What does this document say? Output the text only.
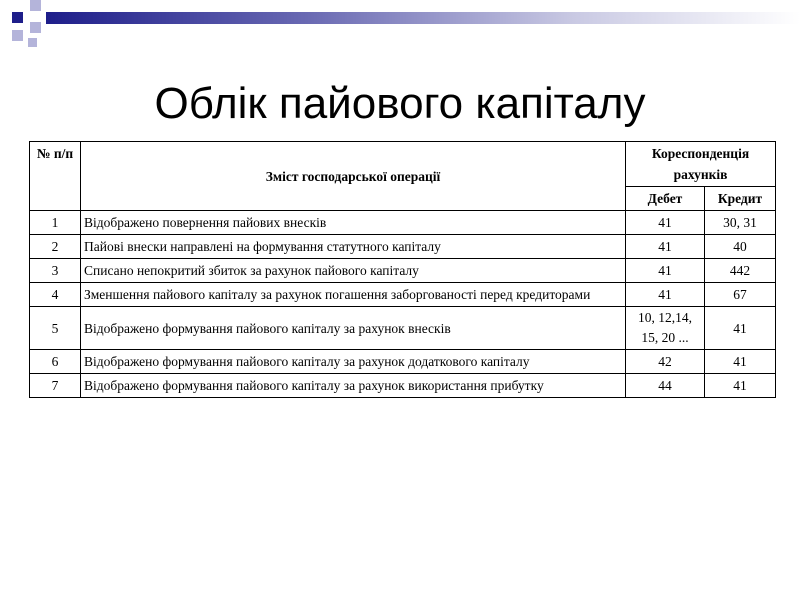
Облік пайового капіталу
№ п/п	Зміст господарської операції	Кореспонденція рахунків	
		Дебет	Кредит
1	Відображено повернення пайових внесків	41	30, 31
2	Пайові внески направлені на формування статутного капіталу	41	40
3	Списано непокритий збиток за рахунок пайового капіталу	41	442
4	Зменшення пайового капіталу за рахунок погашення заборгованості перед кредиторами	41	67
5	Відображено формування пайового капіталу за рахунок внесків	10, 12,14, 15, 20 ...	41
6	Відображено формування пайового капіталу за рахунок додаткового капіталу	42	41
7	Відображено формування пайового капіталу за рахунок використання прибутку	44	41
